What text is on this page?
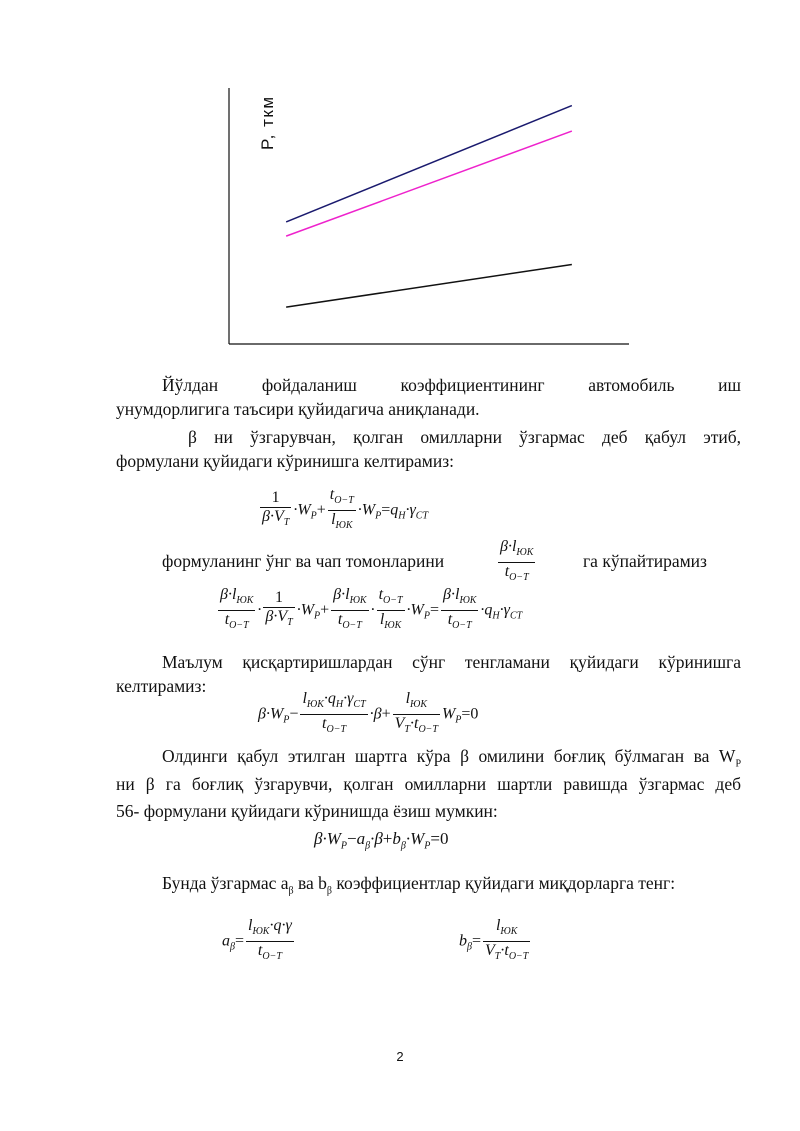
P, ткм
Йўлдан фойдаланиш коэффициентининг автомобиль иш
унумдорлигига таъсири қуйидагича аниқланади.
β ни ўзгарувчан, қолган омилларни ўзгармас деб қабул этиб,
формулани қуйидаги кўринишга келтирамиз:
$\frac{1}{\beta\cdot V_T} \cdot W_P+ \frac{t_{O-T}}{l_{ЮК}} \cdot W_P=q_H\cdot\gamma_{CT}$
формуланинг ўнг ва чап томонларини	$\frac{\beta\cdot l_{ЮК}}{t_{O-T}}$	га кўпайтирамиз
$\frac{\beta\cdot l_{ЮК}}{t_{O-T}} \cdot \frac{1}{\beta\cdot V_T} \cdot W_P+ \frac{\beta\cdot l_{ЮК}}{t_{O-T}} \cdot \frac{t_{O-T}}{l_{ЮК}} \cdot W_P= \frac{\beta\cdot l_{ЮК}}{t_{O-T}} \cdot q_H\cdot\gamma_{CT}$
Маълум қисқартиришлардан сўнг тенгламани қуйидаги кўринишга
келтирамиз:
$\beta\cdot W_P- \frac{l_{ЮК}\cdot q_H\cdot\gamma_{CT}}{t_{O-T}} \cdot\beta+ \frac{l_{ЮК}}{V_T\cdot t_{O-T}} W_P=0$
Олдинги қабул этилган шартга кўра β омилини боғлиқ бўлмаган ва $W_P$
ни β га боғлиқ ўзгарувчи, қолган омилларни шартли равишда ўзгармас деб
56- формулани қуйидаги кўринишда ёзиш мумкин:
$\beta\cdot W_P-a_\beta\cdot\beta+b_\beta\cdot W_P=0$
Бунда ўзгармас $a_\beta$ ва $b_\beta$ коэффициентлар қуйидаги миқдорларга тенг:
$a_\beta= \frac{l_{ЮК}\cdot q\cdot\gamma}{t_{O-T}}$	$b_\beta= \frac{l_{ЮК}}{V_T\cdot t_{O-T}}$
2
